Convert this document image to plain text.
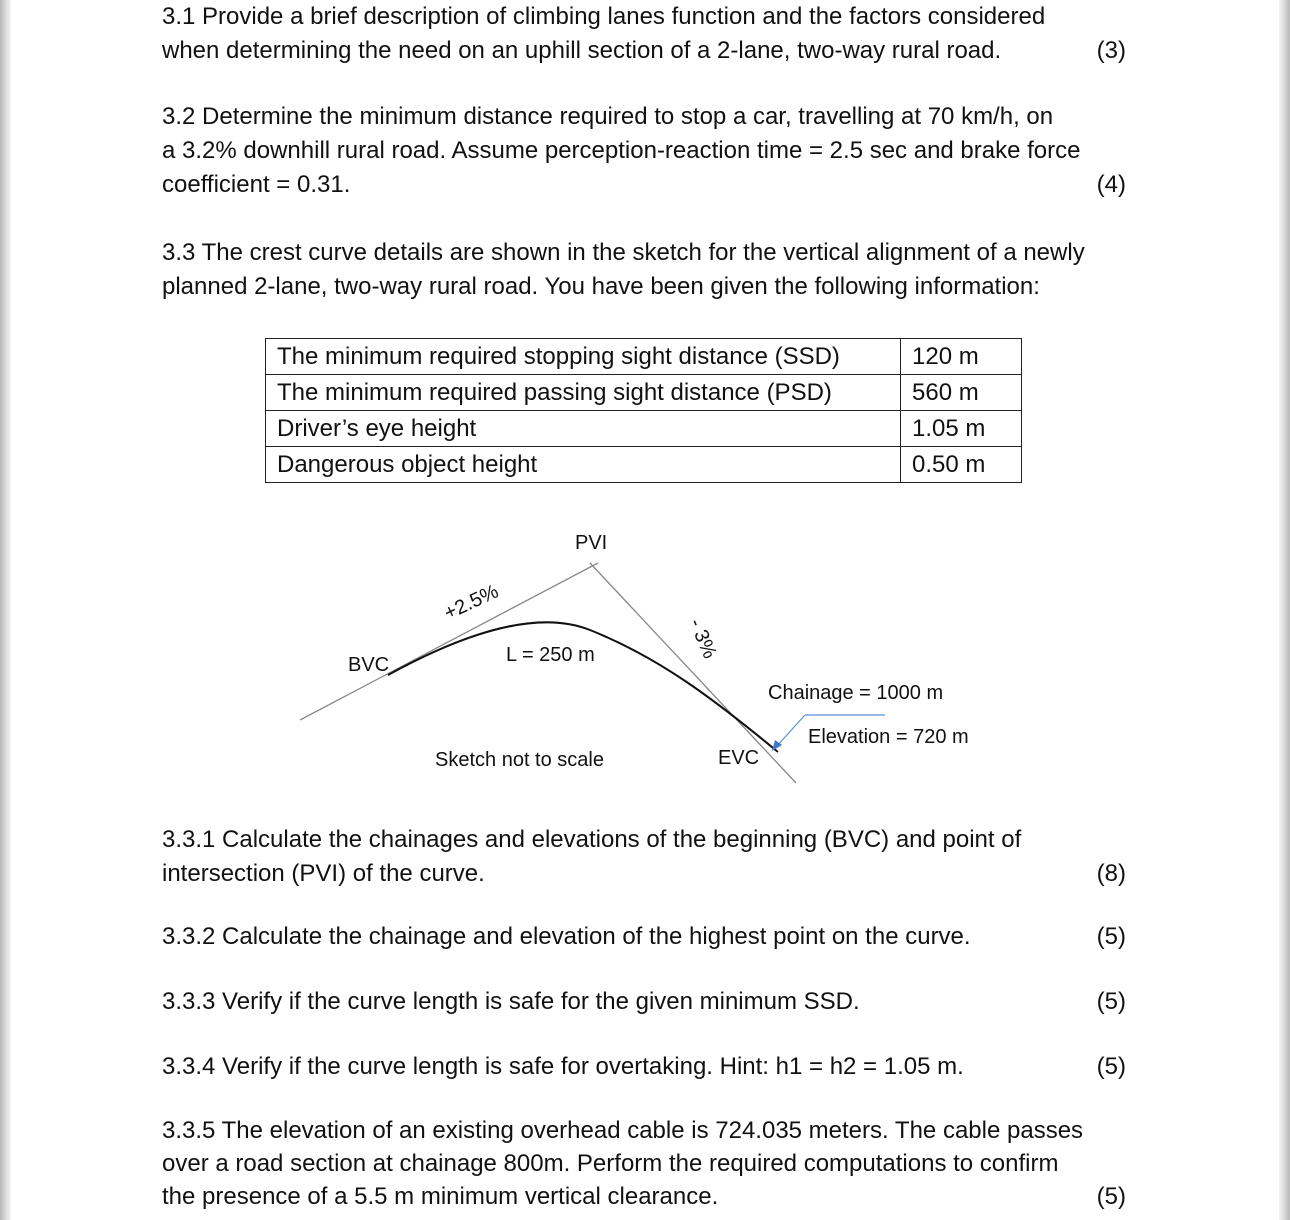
3.1 Provide a brief description of climbing lanes function and the factors considered
when determining the need on an uphill section of a 2-lane, two-way rural road.	(3)
3.2 Determine the minimum distance required to stop a car, travelling at 70 km/h, on
a 3.2% downhill rural road. Assume perception-reaction time = 2.5 sec and brake force
coefficient = 0.31.	(4)
3.3 The crest curve details are shown in the sketch for the vertical alignment of a newly
planned 2-lane, two-way rural road. You have been given the following information:
The minimum required stopping sight distance (SSD)	120 m
The minimum required passing sight distance (PSD)	560 m
Driver’s eye height	1.05 m
Dangerous object height	0.50 m
PVI
BVC
EVC
+2.5%
- 3%
L = 250 m
Chainage = 1000 m
Elevation = 720 m
Sketch not to scale
3.3.1 Calculate the chainages and elevations of the beginning (BVC) and point of
intersection (PVI) of the curve.	(8)
3.3.2 Calculate the chainage and elevation of the highest point on the curve.	(5)
3.3.3 Verify if the curve length is safe for the given minimum SSD.	(5)
3.3.4 Verify if the curve length is safe for overtaking. Hint: h1 = h2 = 1.05 m.	(5)
3.3.5 The elevation of an existing overhead cable is 724.035 meters. The cable passes
over a road section at chainage 800m. Perform the required computations to confirm
the presence of a 5.5 m minimum vertical clearance.	(5)
